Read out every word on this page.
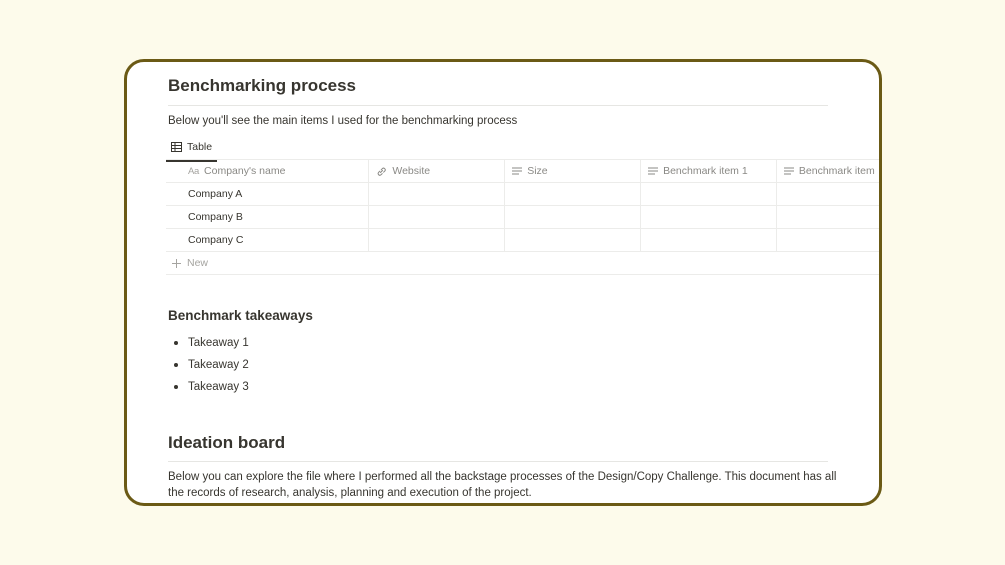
Benchmarking process
Below you'll see the main items I used for the benchmarking process
Table
Aa Company's name	Website	Size	Benchmark item 1	Benchmark item
Company A
Company B
Company C
New
Benchmark takeaways
Takeaway 1
Takeaway 2
Takeaway 3
Ideation board
Below you can explore the file where I performed all the backstage processes of the Design/Copy Challenge. This document has all the records of research, analysis, planning and execution of the project.
